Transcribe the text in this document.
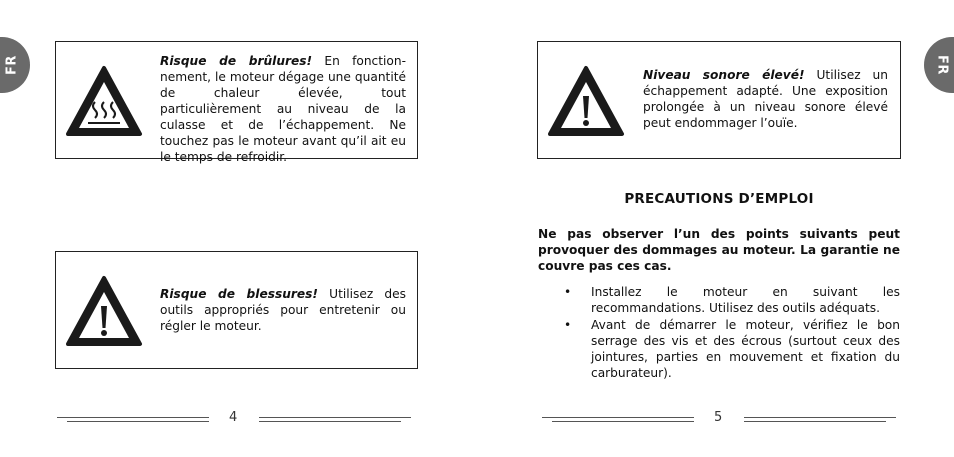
FR	FR
Risque de brûlures! En fonction-nement, le moteur dégage une quantité de chaleur élevée, tout particulièrement au niveau de la culasse et de l’échappement. Ne touchez pas le moteur avant qu’il ait eu le temps de refroidir.
Risque de blessures! Utilisez des outils appropriés pour entretenir ou régler le moteur.
Niveau sonore élevé! Utilisez un échappement adapté. Une exposition prolongée à un niveau sonore élevé peut endommager l’ouïe.
PRECAUTIONS D’EMPLOI
Ne pas observer l’un des points suivants peut provoquer des dommages au moteur. La garantie ne couvre pas ces cas.
• Installez le moteur en suivant les recommandations. Utilisez des outils adéquats.
• Avant de démarrer le moteur, vérifiez le bon serrage des vis et des écrous (surtout ceux des jointures, parties en mouvement et fixation du carburateur).
4	5
